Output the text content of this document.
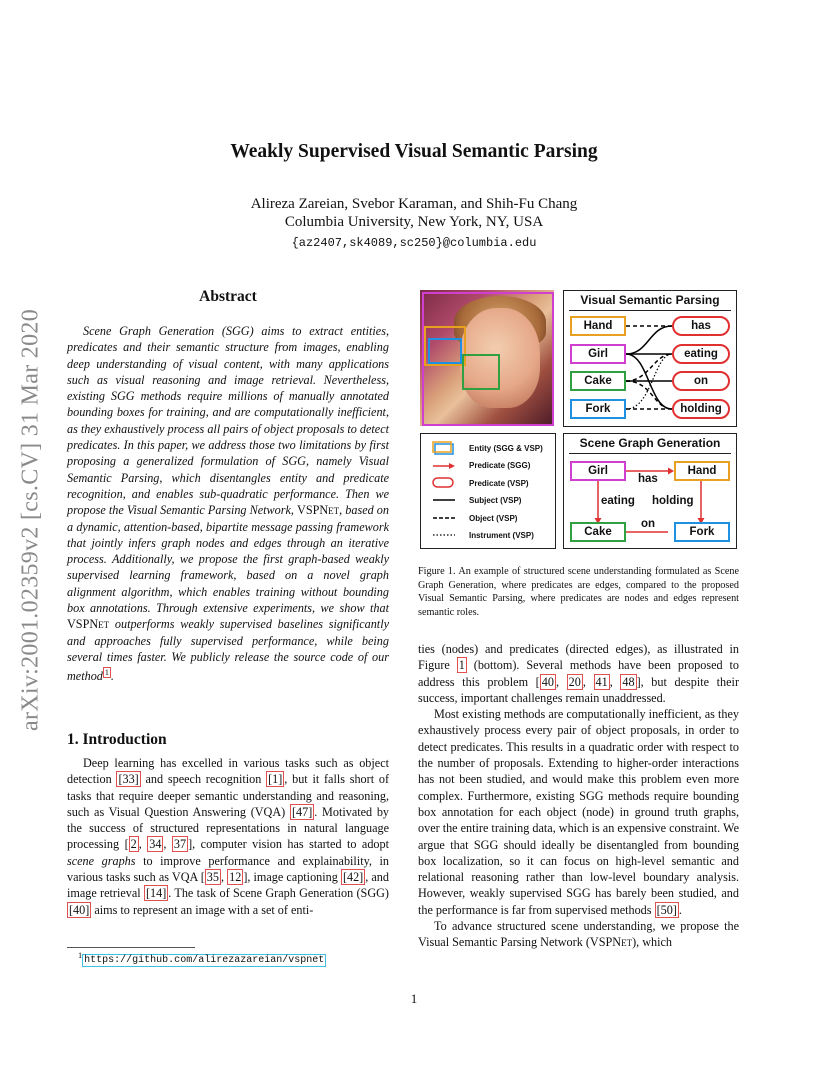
arXiv:2001.02359v2 [cs.CV] 31 Mar 2020
Weakly Supervised Visual Semantic Parsing
Alireza Zareian, Svebor Karaman, and Shih-Fu Chang
Columbia University, New York, NY, USA
{az2407,sk4089,sc250}@columbia.edu
Abstract

Scene Graph Generation (SGG) aims to extract entities, predicates and their semantic structure from images, enabling deep understanding of visual content, with many applications such as visual reasoning and image retrieval. Nevertheless, existing SGG methods require millions of manually annotated bounding boxes for training, and are computationally inefficient, as they exhaustively process all pairs of object proposals to detect predicates. In this paper, we address those two limitations by first proposing a generalized formulation of SGG, namely Visual Semantic Parsing, which disentangles entity and predicate recognition, and enables sub-quadratic performance. Then we propose the Visual Semantic Parsing Network, VSPNet, based on a dynamic, attention-based, bipartite message passing framework that jointly infers graph nodes and edges through an iterative process. Additionally, we propose the first graph-based weakly supervised learning framework, based on a novel graph alignment algorithm, which enables training without bounding box annotations. Through extensive experiments, we show that VSPNet outperforms weakly supervised baselines significantly and approaches fully supervised performance, while being several times faster. We publicly release the source code of our method $^1$ .

1. Introduction

Deep learning has excelled in various tasks such as object detection [33] and speech recognition [1] , but it falls short of tasks that require deeper semantic understanding and reasoning, such as Visual Question Answering (VQA) [47] . Motivated by the success of structured representations in natural language processing [ 2 , 34 , 37 ], computer vision has started to adopt scene graphs to improve performance and explainability, in various tasks such as VQA [ 35 , 12 ], image captioning [42] , and image retrieval [14] . The task of Scene Graph Generation (SGG) [40] aims to represent an image with a set of enti-

$^1$ https://github.com/alirezazareian/vspnet
Visual Semantic Parsing
Hand
Girl
Cake
Fork
has
eating
on
holding
Entity (SGG & VSP)
Predicate (SGG)
Predicate (VSP)
Subject (VSP)
Object (VSP)
Instrument (VSP)
Scene Graph Generation
Girl	Hand
Cake	Fork
has
eating holding
on
Figure 1. An example of structured scene understanding formulated as Scene Graph Generation, where predicates are edges, compared to the proposed Visual Semantic Parsing, where predicates are nodes and edges represent semantic roles.

ties (nodes) and predicates (directed edges), as illustrated in Figure 1 (bottom). Several methods have been proposed to address this problem [ 40 , 20 , 41 , 48 ], but despite their success, important challenges remain unaddressed.

Most existing methods are computationally inefficient, as they exhaustively process every pair of object proposals, in order to detect predicates. This results in a quadratic order with respect to the number of proposals. Extending to higher-order interactions has not been studied, and would make this problem even more complex. Furthermore, existing SGG methods require bounding box annotation for each object (node) in ground truth graphs, over the entire training data, which is an expensive constraint. We argue that SGG should ideally be disentangled from bounding box localization, so it can focus on high-level semantic and relational reasoning rather than low-level boundary analysis. However, weakly supervised SGG has barely been studied, and the performance is far from supervised methods [50] .

To advance structured scene understanding, we propose the Visual Semantic Parsing Network (VSPNet), which

1
